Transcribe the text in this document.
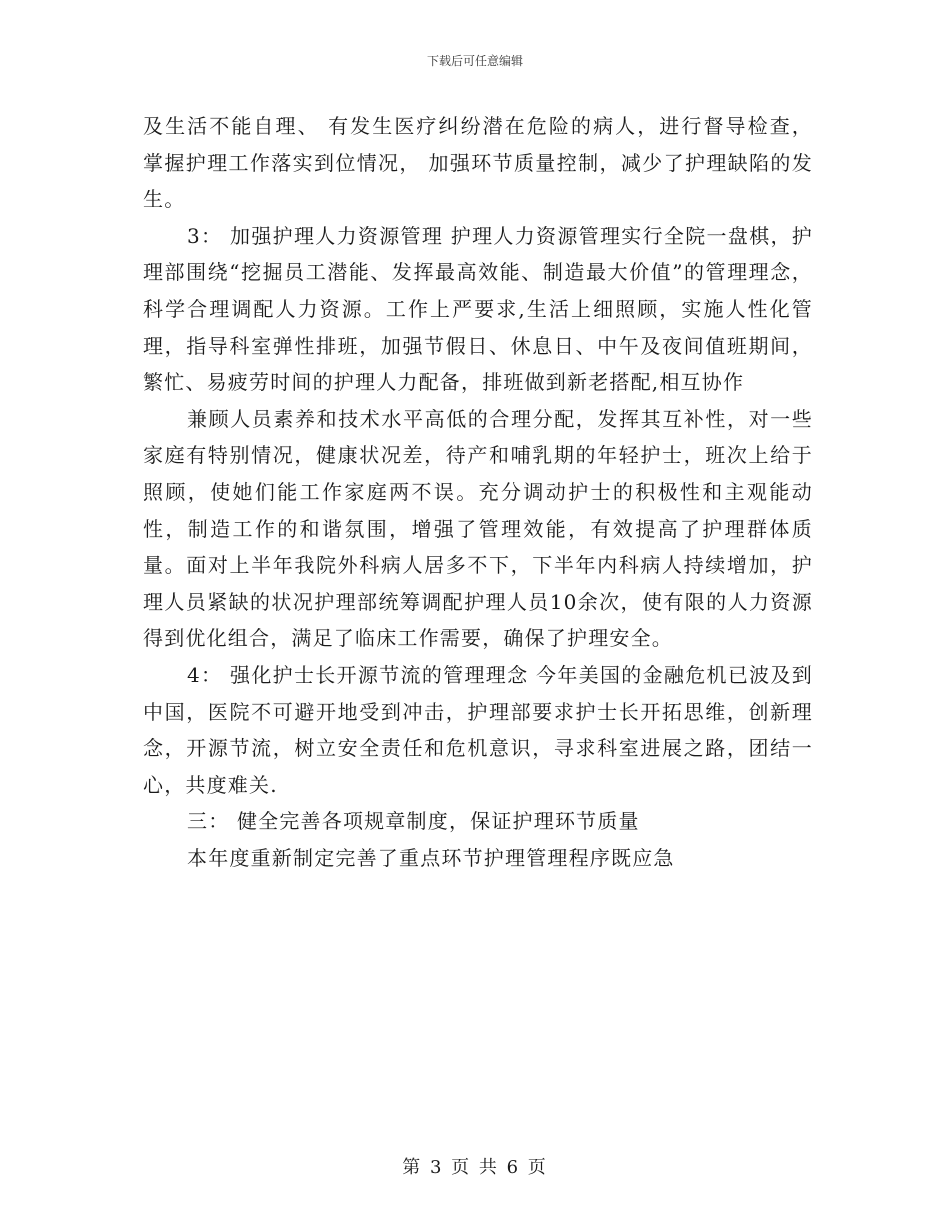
下载后可任意编辑

及生活不能自理、 有发生医疗纠纷潜在危险的病人，进行督导检查， 掌握护理工作落实到位情况， 加强环节质量控制，减少了护理缺陷的发生。

3： 加强护理人力资源管理 护理人力资源管理实行全院一盘棋，护理部围绕“挖掘员工潜能、发挥最高效能、制造最大价值”的管理理念，科学合理调配人力资源。工作上严要求,生活上细照顾，实施人性化管理，指导科室弹性排班，加强节假日、休息日、中午及夜间值班期间，繁忙、易疲劳时间的护理人力配备，排班做到新老搭配,相互协作

兼顾人员素养和技术水平高低的合理分配，发挥其互补性，对一些家庭有特别情况，健康状况差，待产和哺乳期的年轻护士，班次上给于照顾，使她们能工作家庭两不误。充分调动护士的积极性和主观能动性，制造工作的和谐氛围，增强了管理效能，有效提高了护理群体质量。面对上半年我院外科病人居多不下，下半年内科病人持续增加，护理人员紧缺的状况护理部统筹调配护理人员10余次，使有限的人力资源得到优化组合，满足了临床工作需要，确保了护理安全。

4： 强化护士长开源节流的管理理念 今年美国的金融危机已波及到中国，医院不可避开地受到冲击，护理部要求护士长开拓思维，创新理念，开源节流，树立安全责任和危机意识，寻求科室进展之路，团结一心，共度难关.

三： 健全完善各项规章制度，保证护理环节质量

本年度重新制定完善了重点环节护理管理程序既应急

第 3 页 共 6 页
